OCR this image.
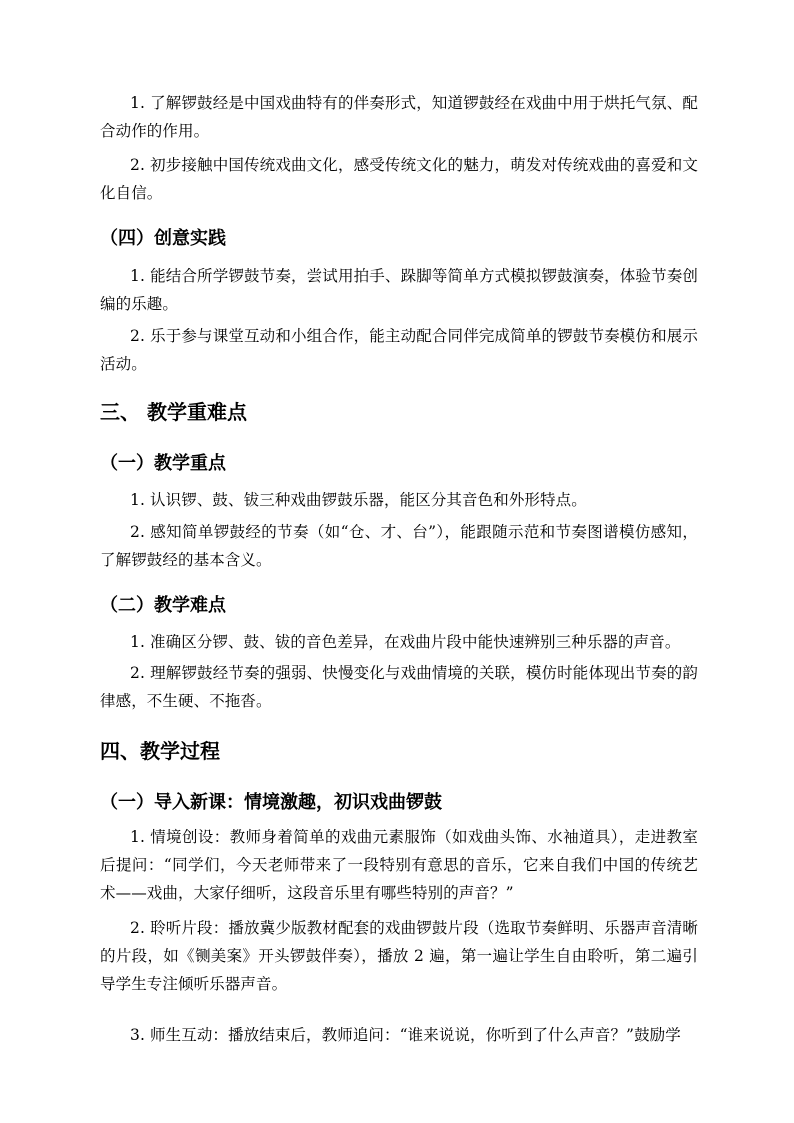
1. 了解锣鼓经是中国戏曲特有的伴奏形式，知道锣鼓经在戏曲中用于烘托气氛、配合动作的作用。

2. 初步接触中国传统戏曲文化，感受传统文化的魅力，萌发对传统戏曲的喜爱和文化自信。

（四）创意实践

1. 能结合所学锣鼓节奏，尝试用拍手、跺脚等简单方式模拟锣鼓演奏，体验节奏创编的乐趣。

2. 乐于参与课堂互动和小组合作，能主动配合同伴完成简单的锣鼓节奏模仿和展示活动。

三、 教学重难点
（一）教学重点

1. 认识锣、鼓、钹三种戏曲锣鼓乐器，能区分其音色和外形特点。

2. 感知简单锣鼓经的节奏（如“仓、才、台”），能跟随示范和节奏图谱模仿感知，了解锣鼓经的基本含义。

（二）教学难点

1. 准确区分锣、鼓、钹的音色差异，在戏曲片段中能快速辨别三种乐器的声音。

2. 理解锣鼓经节奏的强弱、快慢变化与戏曲情境的关联，模仿时能体现出节奏的韵律感，不生硬、不拖沓。

四、教学过程
（一）导入新课：情境激趣，初识戏曲锣鼓

1. 情境创设：教师身着简单的戏曲元素服饰（如戏曲头饰、水袖道具），走进教室后提问：“同学们，今天老师带来了一段特别有意思的音乐，它来自我们中国的传统艺术——戏曲，大家仔细听，这段音乐里有哪些特别的声音？”

2. 聆听片段：播放冀少版教材配套的戏曲锣鼓片段（选取节奏鲜明、乐器声音清晰的片段，如《铡美案》开头锣鼓伴奏），播放 2 遍，第一遍让学生自由聆听，第二遍引导学生专注倾听乐器声音。

3. 师生互动：播放结束后，教师追问：“谁来说说，你听到了什么声音？”鼓励学
